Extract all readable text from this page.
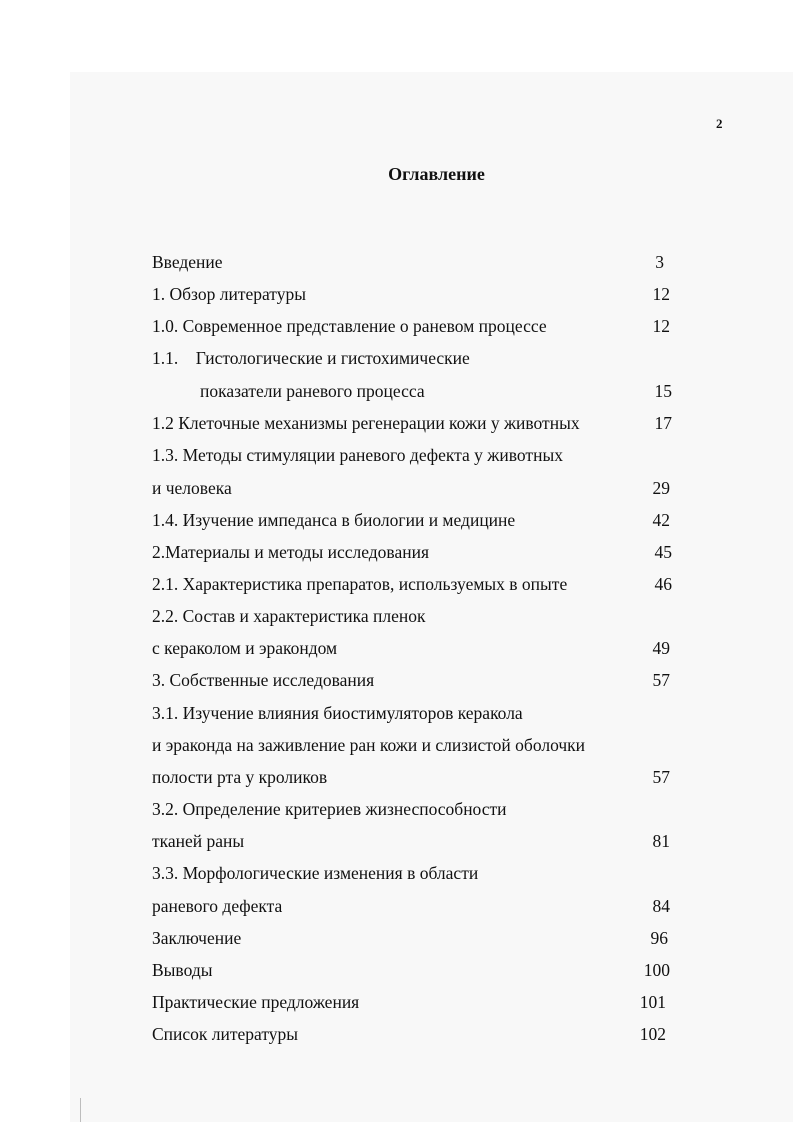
2
Оглавление
Введение	3
1. Обзор литературы	12
1.0. Современное представление о раневом процессе	12
1.1.    Гистологические и гистохимические
показатели раневого процесса	15
1.2 Клеточные механизмы регенерации кожи у животных	17
1.3. Методы стимуляции раневого дефекта у животных
и человека	29
1.4. Изучение импеданса в биологии и медицине	42
2.Материалы и методы исследования	45
2.1. Характеристика препаратов, используемых в опыте	46
2.2. Состав и характеристика пленок
с кераколом и эракондом	49
3. Собственные исследования	57
3.1. Изучение влияния биостимуляторов керакола
и эраконда на заживление ран кожи и слизистой оболочки
полости рта у кроликов	57
3.2. Определение критериев жизнеспособности
тканей раны	81
3.3. Морфологические изменения в области
раневого дефекта	84
Заключение	96
Выводы	100
Практические предложения	101
Список литературы	102
